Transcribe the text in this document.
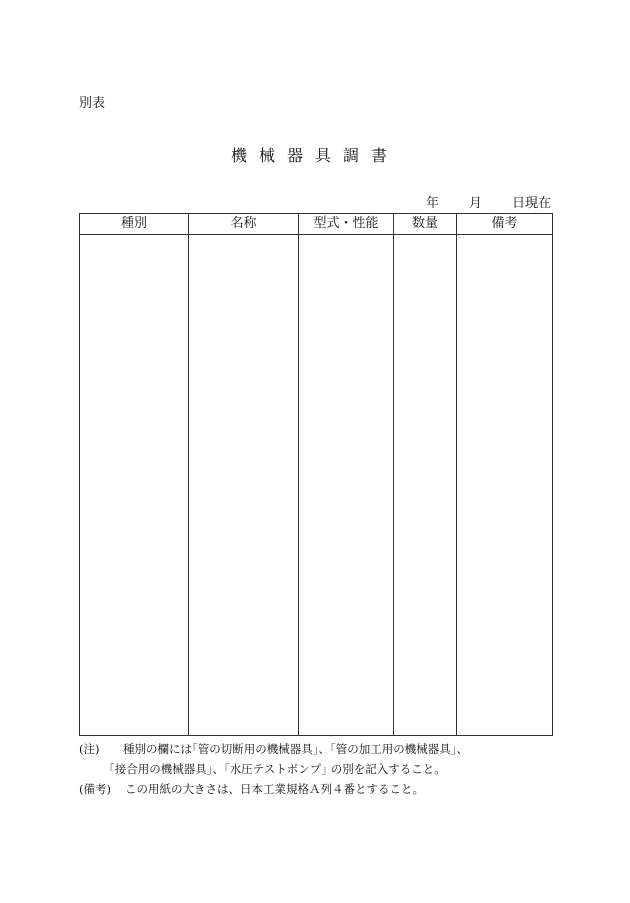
別表
機械器具調書
年 月 日現在
種別	名称	型式・性能	数量	備考

(注) 種別の欄には｢管の切断用の機械器具｣、｢管の加工用の機械器具｣、
｢接合用の機械器具｣、｢水圧テストポンプ｣ の別を記入すること。
(備考) この用紙の大きさは、日本工業規格Ａ列４番とすること。
